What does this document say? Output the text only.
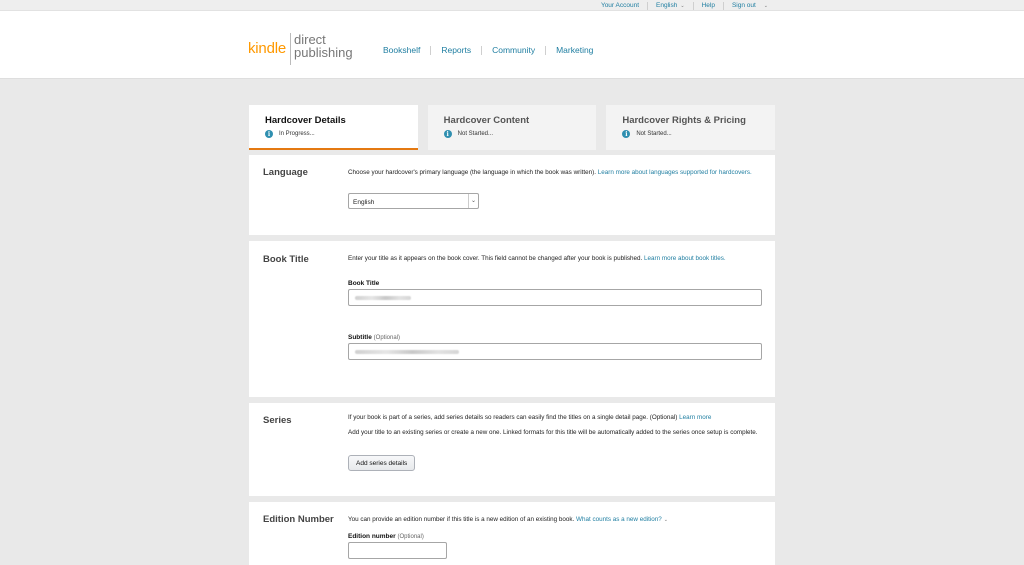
Your Account	English ⌄	Help	Sign out ⌄
kindle
direct
publishing	Bookshelf	Reports	Community	Marketing
Hardcover Details
i	In Progress...
Hardcover Content
i	Not Started...
Hardcover Rights & Pricing
i	Not Started...
Language	Choose your hardcover's primary language (the language in which the book was written). Learn more about languages supported for hardcovers.
English	⌄
Book Title	Enter your title as it appears on the book cover. This field cannot be changed after your book is published. Learn more about book titles.
Book Title
Subtitle (Optional)
Series	If your book is part of a series, add series details so readers can easily find the titles on a single detail page. (Optional) Learn more
Add your title to an existing series or create a new one. Linked formats for this title will be automatically added to the series once setup is complete.
Add series details
Edition Number You can provide an edition number if this title is a new edition of an existing book. What counts as a new edition? ⌄
Edition number (Optional)
